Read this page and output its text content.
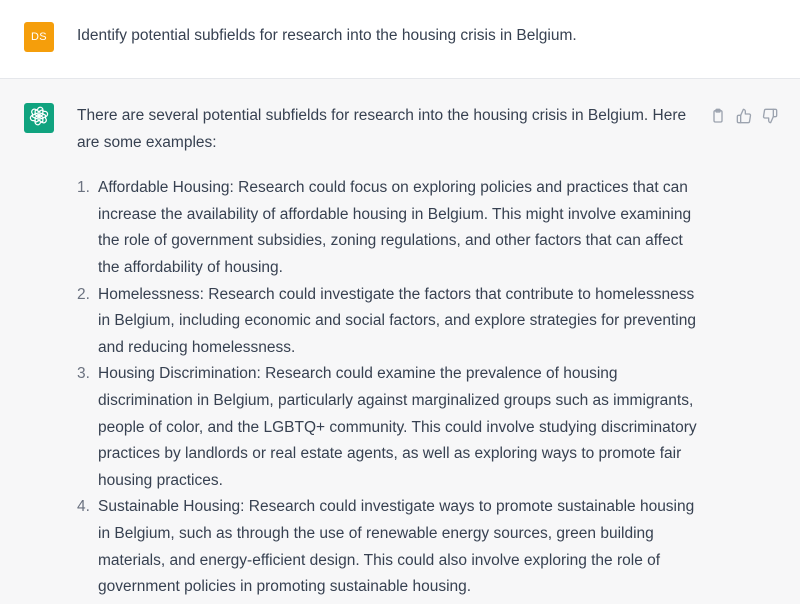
DS	Identify potential subfields for research into the housing crisis in Belgium.

There are several potential subfields for research into the housing crisis in Belgium. Here are some examples:

1. Affordable Housing: Research could focus on exploring policies and practices that can increase the availability of affordable housing in Belgium. This might involve examining the role of government subsidies, zoning regulations, and other factors that can affect the affordability of housing.
2. Homelessness: Research could investigate the factors that contribute to homelessness in Belgium, including economic and social factors, and explore strategies for preventing and reducing homelessness.
3. Housing Discrimination: Research could examine the prevalence of housing discrimination in Belgium, particularly against marginalized groups such as immigrants, people of color, and the LGBTQ+ community. This could involve studying discriminatory practices by landlords or real estate agents, as well as exploring ways to promote fair housing practices.
4. Sustainable Housing: Research could investigate ways to promote sustainable housing in Belgium, such as through the use of renewable energy sources, green building materials, and energy-efficient design. This could also involve exploring the role of government policies in promoting sustainable housing.
